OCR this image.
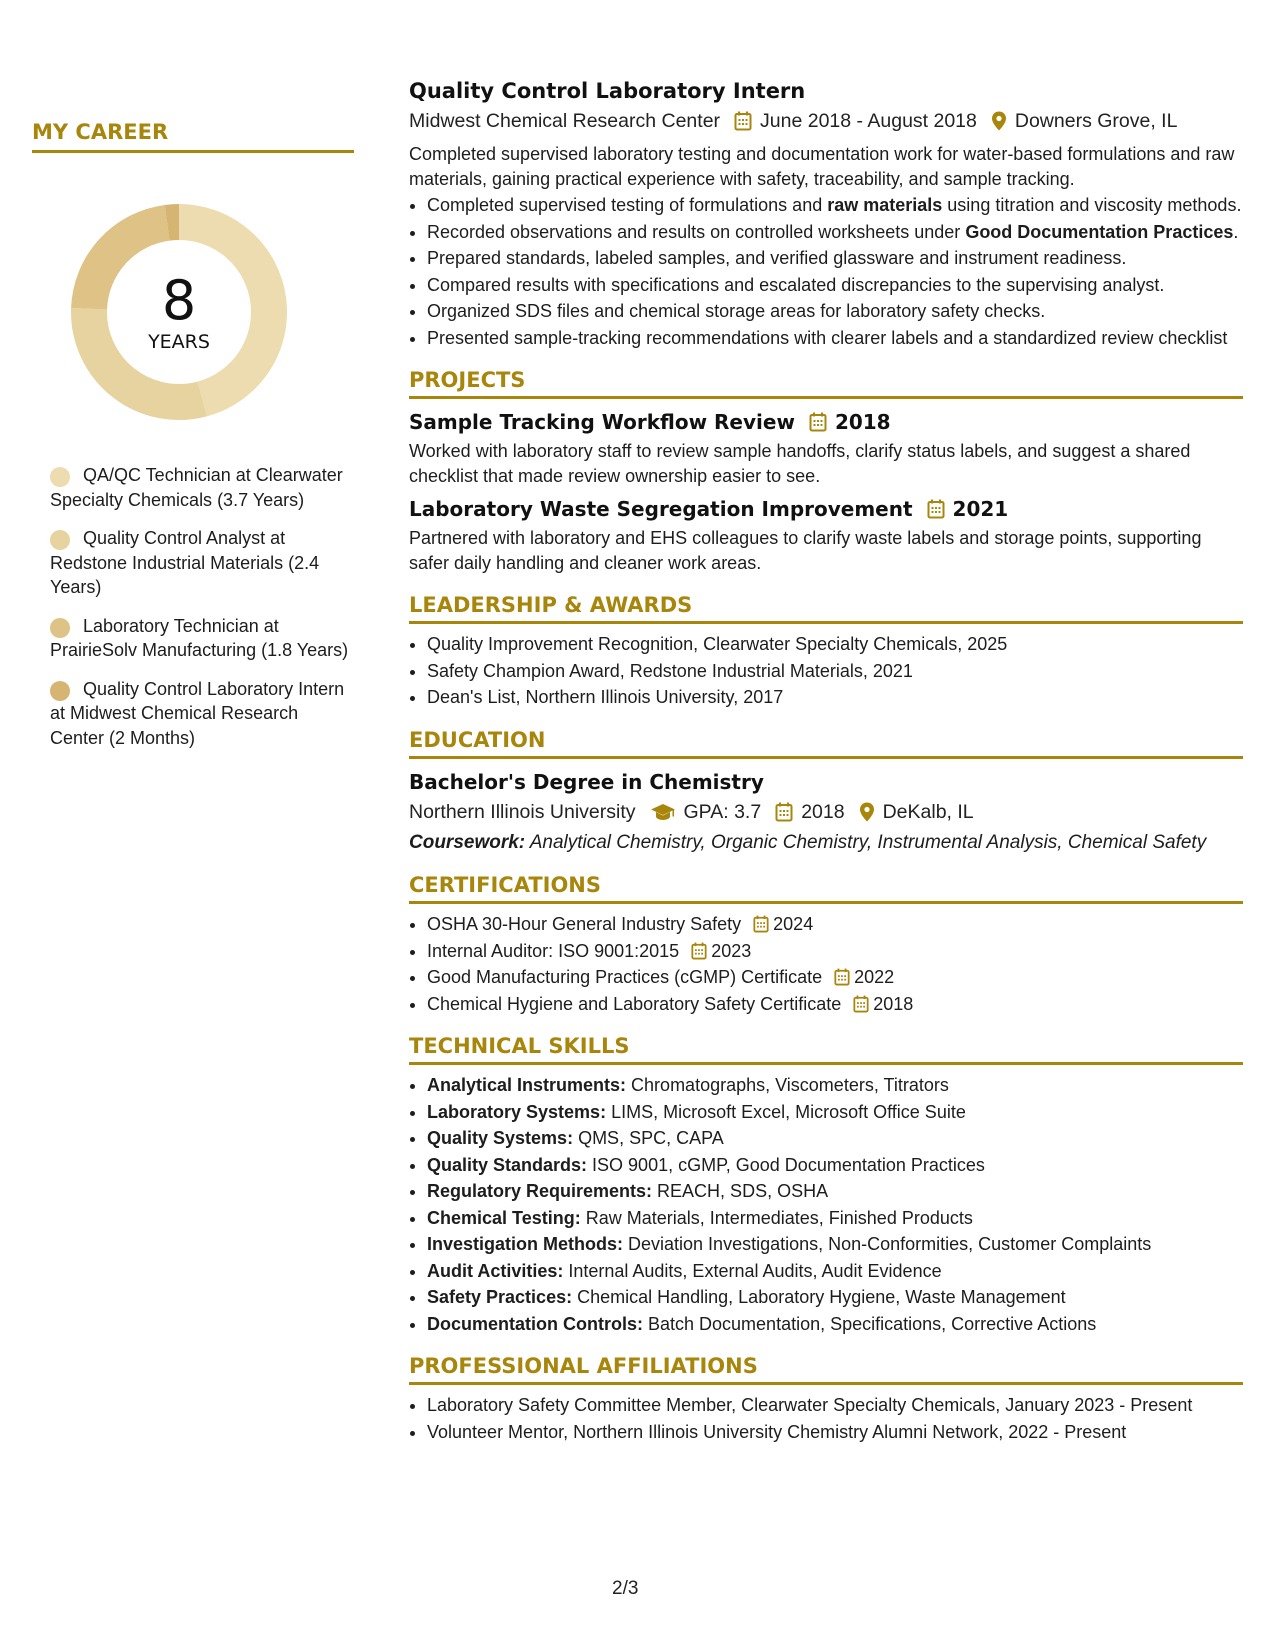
MY CAREER
8
YEARS
QA/QC Technician at Clearwater Specialty Chemicals (3.7 Years)
Quality Control Analyst at Redstone Industrial Materials (2.4 Years)
Laboratory Technician at PrairieSolv Manufacturing (1.8 Years)
Quality Control Laboratory Intern at Midwest Chemical Research Center (2 Months)
Quality Control Laboratory Intern
Midwest Chemical Research Center June 2018 - August 2018 Downers Grove, IL
Completed supervised laboratory testing and documentation work for water-based formulations and raw materials, gaining practical experience with safety, traceability, and sample tracking.
• Completed supervised testing of formulations and raw materials using titration and viscosity methods.
• Recorded observations and results on controlled worksheets under Good Documentation Practices.
• Prepared standards, labeled samples, and verified glassware and instrument readiness.
• Compared results with specifications and escalated discrepancies to the supervising analyst.
• Organized SDS files and chemical storage areas for laboratory safety checks.
• Presented sample-tracking recommendations with clearer labels and a standardized review checklist
PROJECTS
Sample Tracking Workflow Review 2018
Worked with laboratory staff to review sample handoffs, clarify status labels, and suggest a shared checklist that made review ownership easier to see.
Laboratory Waste Segregation Improvement 2021
Partnered with laboratory and EHS colleagues to clarify waste labels and storage points, supporting safer daily handling and cleaner work areas.
LEADERSHIP & AWARDS
• Quality Improvement Recognition, Clearwater Specialty Chemicals, 2025
• Safety Champion Award, Redstone Industrial Materials, 2021
• Dean's List, Northern Illinois University, 2017
EDUCATION
Bachelor's Degree in Chemistry
Northern Illinois University GPA: 3.7 2018 DeKalb, IL
Coursework: Analytical Chemistry, Organic Chemistry, Instrumental Analysis, Chemical Safety
CERTIFICATIONS
• OSHA 30-Hour General Industry Safety 2024
• Internal Auditor: ISO 9001:2015 2023
• Good Manufacturing Practices (cGMP) Certificate 2022
• Chemical Hygiene and Laboratory Safety Certificate 2018
TECHNICAL SKILLS
• Analytical Instruments: Chromatographs, Viscometers, Titrators
• Laboratory Systems: LIMS, Microsoft Excel, Microsoft Office Suite
• Quality Systems: QMS, SPC, CAPA
• Quality Standards: ISO 9001, cGMP, Good Documentation Practices
• Regulatory Requirements: REACH, SDS, OSHA
• Chemical Testing: Raw Materials, Intermediates, Finished Products
• Investigation Methods: Deviation Investigations, Non-Conformities, Customer Complaints
• Audit Activities: Internal Audits, External Audits, Audit Evidence
• Safety Practices: Chemical Handling, Laboratory Hygiene, Waste Management
• Documentation Controls: Batch Documentation, Specifications, Corrective Actions
PROFESSIONAL AFFILIATIONS
• Laboratory Safety Committee Member, Clearwater Specialty Chemicals, January 2023 - Present
• Volunteer Mentor, Northern Illinois University Chemistry Alumni Network, 2022 - Present
2/3
